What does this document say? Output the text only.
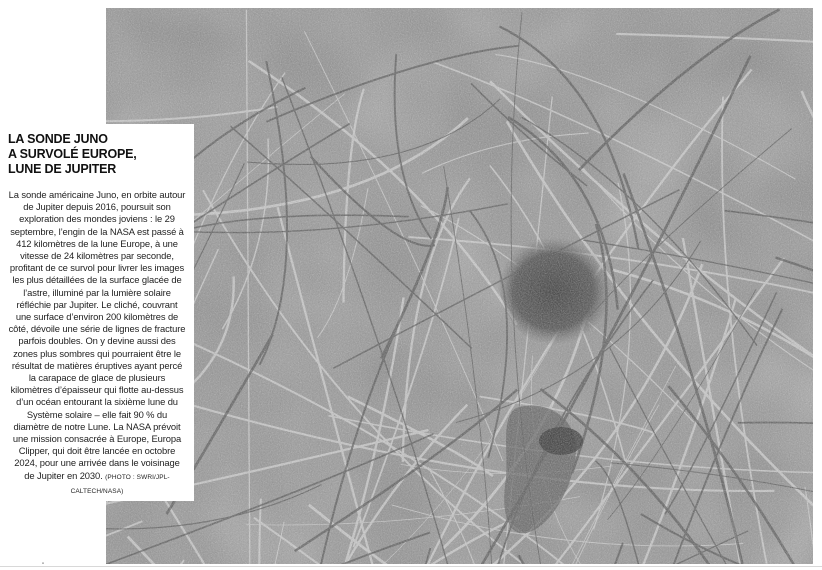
LA SONDE JUNO
A SURVOLÉ EUROPE,
LUNE DE JUPITER

La sonde américaine Juno, en orbite autour de Jupiter depuis 2016, poursuit son exploration des mondes joviens : le 29 septembre, l’engin de la NASA est passé à 412 kilomètres de la lune Europe, à une vitesse de 24 kilomètres par seconde, profitant de ce survol pour livrer les images les plus détaillées de la surface glacée de l’astre, illuminé par la lumière solaire réfléchie par Jupiter. Le cliché, couvrant une surface d’environ 200 kilomètres de côté, dévoile une série de lignes de fracture parfois doubles. On y devine aussi des zones plus sombres qui pourraient être le résultat de matières éruptives ayant percé la carapace de glace de plusieurs kilomètres d’épaisseur qui flotte au-dessus d’un océan entourant la sixième lune du Système solaire – elle fait 90 % du diamètre de notre Lune. La NASA prévoit une mission consacrée à Europe, Europa Clipper, qui doit être lancée en octobre 2024, pour une arrivée dans le voisinage de Jupiter en 2030. (PHOTO : SWRI/JPL-CALTECH/NASA)

"
